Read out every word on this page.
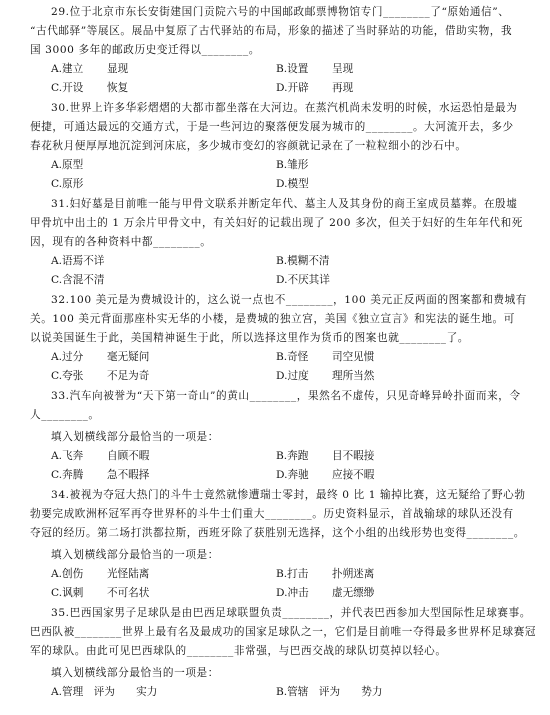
29.位于北京市东长安街建国门贡院六号的中国邮政邮票博物馆专门________了“原始通信”、
“古代邮驿”等展区。展品中复原了古代驿站的布局，形象的描述了当时驿站的功能，借助实物，我
国 3000 多年的邮政历史变迁得以________。
A.建立	显现	B.设置	呈现
C.开设	恢复	D.开辟	再现
30.世界上许多华彩熠熠的大都市都坐落在大河边。在蒸汽机尚未发明的时候，水运恐怕是最为
便捷，可通达最远的交通方式，于是一些河边的聚落便发展为城市的________。大河流开去，多少
春花秋月便厚厚地沉淀到河床底，多少城市变幻的容颜就记录在了一粒粒细小的沙石中。
A.原型	B.雏形
C.原形	D.模型
31.妇好墓是目前唯一能与甲骨文联系并断定年代、墓主人及其身份的商王室成员墓葬。在殷墟
甲骨坑中出土的 1 万余片甲骨文中，有关妇好的记载出现了 200 多次，但关于妇好的生年年代和死
因，现有的各种资料中都________。
A.语焉不详	B.模糊不清
C.含混不清	D.不厌其详
32.100 美元是为费城设计的，这么说一点也不________，100 美元正反两面的图案都和费城有
关。100 美元背面那座朴实无华的小楼，是费城的独立宫，美国《独立宣言》和宪法的诞生地。可
以说美国诞生于此，美国精神诞生于此，所以选择这里作为货币的图案也就________了。
A.过分	毫无疑问	B.奇怪	司空见惯
C.夸张	不足为奇	D.过度	理所当然
33.汽车向被誉为“天下第一奇山”的黄山________，果然名不虚传，只见奇峰异岭扑面而来，令
人________。
填入划横线部分最恰当的一项是：
A.飞奔	自顾不暇	B.奔跑	目不暇接
C.奔腾	急不暇择	D.奔驰	应接不暇
34.被视为夺冠大热门的斗牛士竟然就惨遭瑞士零封，最终 0 比 1 输掉比赛，这无疑给了野心勃
勃要完成欧洲杯冠军再夺世界杯的斗牛士们重大________。历史资料显示，首战输球的球队还没有
夺冠的经历。第二场打洪都拉斯，西班牙除了获胜别无选择，这个小组的出线形势也变得________。
填入划横线部分最恰当的一项是：
A.创伤	光怪陆离	B.打击	扑朔迷离
C.讽刺	不可名状	D.冲击	虚无缥缈
35.巴西国家男子足球队是由巴西足球联盟负责________，并代表巴西参加大型国际性足球赛事。
巴西队被________世界上最有名及最成功的国家足球队之一，它们是目前唯一夺得最多世界杯足球赛冠
军的球队。由此可见巴西球队的________非常强，与巴西交战的球队切莫掉以轻心。
填入划横线部分最恰当的一项是：
A.管理　评为　　实力	B.管辖　评为　　势力
